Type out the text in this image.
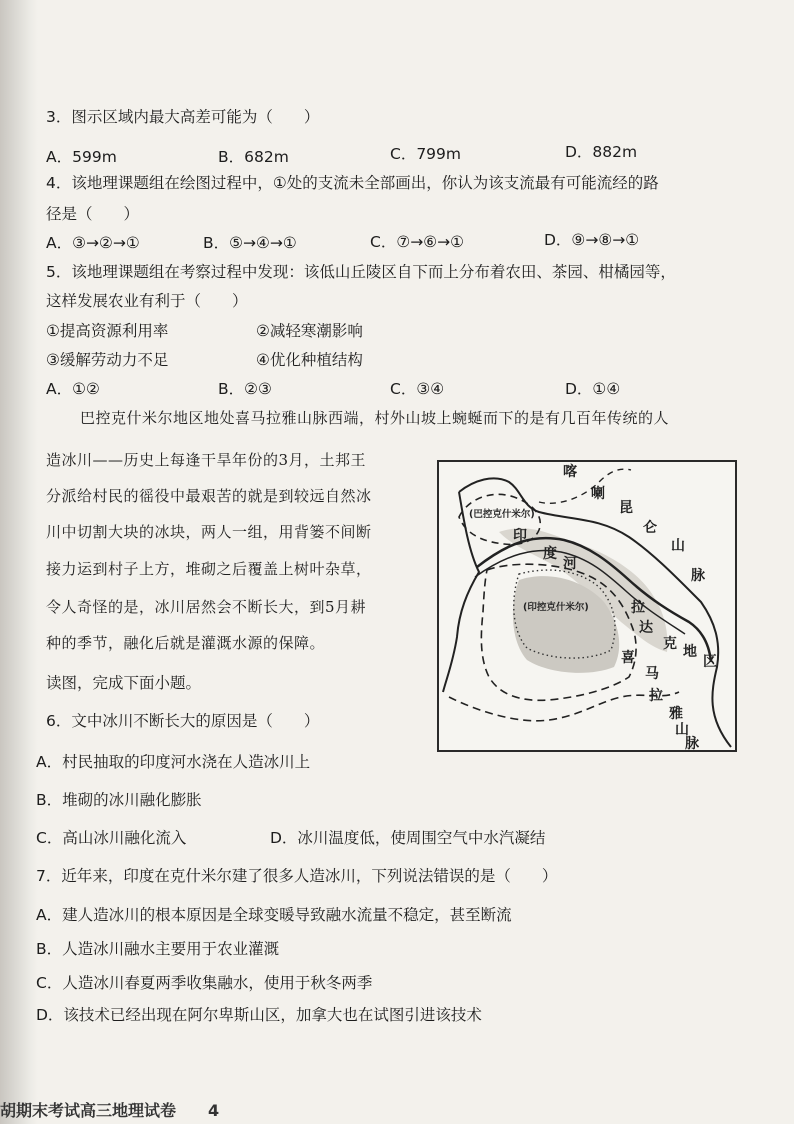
3．图示区域内最大高差可能为（　　）
A．599m	B．682m	C．799m	D．882m
4．该地理课题组在绘图过程中，①处的支流未全部画出，你认为该支流最有可能流经的路
径是（　　）
A．③→②→①	B．⑤→④→①	C．⑦→⑥→①	D．⑨→⑧→①
5．该地理课题组在考察过程中发现：该低山丘陵区自下而上分布着农田、茶园、柑橘园等，
这样发展农业有利于（　　）
①提高资源利用率	②减轻寒潮影响
③缓解劳动力不足	④优化种植结构
A．①②	B．②③	C．③④	D．①④
巴控克什米尔地区地处喜马拉雅山脉西端，村外山坡上蜿蜒而下的是有几百年传统的人
造冰川——历史上每逢干旱年份的3月，土邦王
分派给村民的徭役中最艰苦的就是到较远自然冰
川中切割大块的冰块，两人一组，用背篓不间断
接力运到村子上方，堆砌之后覆盖上树叶杂草，
令人奇怪的是，冰川居然会不断长大，到5月耕
种的季节，融化后就是灌溉水源的保障。
读图，完成下面小题。
喀
喇
昆
仑
山
脉
印
度
河
拉
达
克 地
区
喜
马
拉
雅
山
脉
(巴控克什米尔)
(印控克什米尔)
6．文中冰川不断长大的原因是（　　）
A．村民抽取的印度河水浇在人造冰川上
B．堆砌的冰川融化膨胀
C．高山冰川融化流入	D．冰川温度低，使周围空气中水汽凝结
7．近年来，印度在克什米尔建了很多人造冰川，下列说法错误的是（　　）
A．建人造冰川的根本原因是全球变暖导致融水流量不稳定，甚至断流
B．人造冰川融水主要用于农业灌溉
C．人造冰川春夏两季收集融水，使用于秋冬两季
D．该技术已经出现在阿尔卑斯山区，加拿大也在试图引进该技术
胡期末考试高三地理试卷　　4
